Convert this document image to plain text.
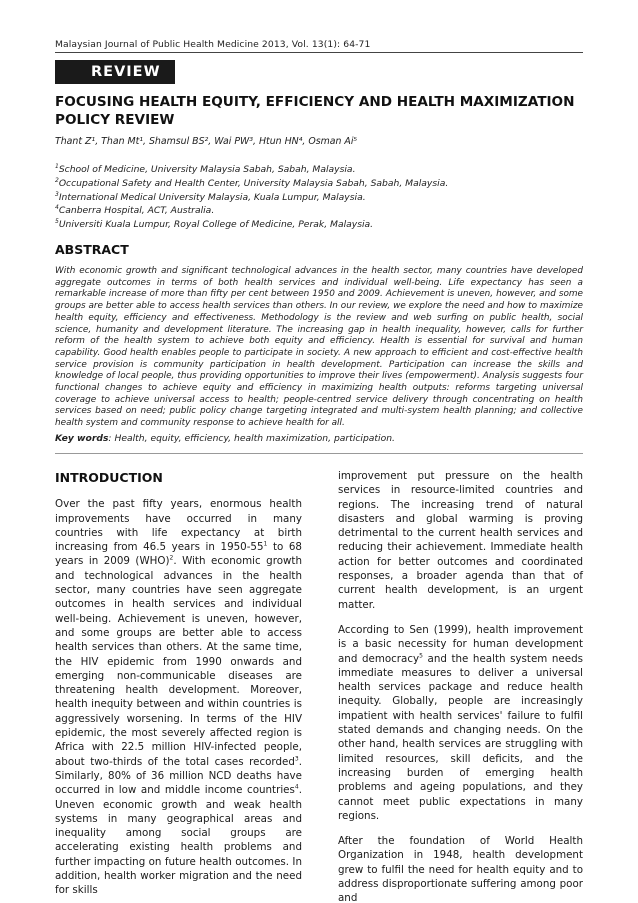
Malaysian Journal of Public Health Medicine 2013, Vol. 13(1): 64-71
REVIEW
FOCUSING HEALTH EQUITY, EFFICIENCY AND HEALTH MAXIMIZATION POLICY REVIEW
Thant Z¹, Than Mt¹, Shamsul BS², Wai PW³, Htun HN⁴, Osman Ai⁵
$^1$School of Medicine, University Malaysia Sabah, Sabah, Malaysia.
$^2$Occupational Safety and Health Center, University Malaysia Sabah, Sabah, Malaysia.
$^3$International Medical University Malaysia, Kuala Lumpur, Malaysia.
$^4$Canberra Hospital, ACT, Australia.
$^5$Universiti Kuala Lumpur, Royal College of Medicine, Perak, Malaysia.
ABSTRACT
With economic growth and significant technological advances in the health sector, many countries have developed aggregate outcomes in terms of both health services and individual well-being. Life expectancy has seen a remarkable increase of more than fifty per cent between 1950 and 2009. Achievement is uneven, however, and some groups are better able to access health services than others. In our review, we explore the need and how to maximize health equity, efficiency and effectiveness. Methodology is the review and web surfing on public health, social science, humanity and development literature. The increasing gap in health inequality, however, calls for further reform of the health system to achieve both equity and efficiency. Health is essential for survival and human capability. Good health enables people to participate in society. A new approach to efficient and cost-effective health service provision is community participation in health development. Participation can increase the skills and knowledge of local people, thus providing opportunities to improve their lives (empowerment). Analysis suggests four functional changes to achieve equity and efficiency in maximizing health outputs: reforms targeting universal coverage to achieve universal access to health; people-centred service delivery through concentrating on health services based on need; public policy change targeting integrated and multi-system health planning; and collective health system and community response to achieve health for all.
Key words: Health, equity, efficiency, health maximization, participation.
INTRODUCTION

Over the past fifty years, enormous health improvements have occurred in many countries with life expectancy at birth increasing from 46.5 years in $1950-55^1$ to 68 years in 2009 (WHO)$^2$. With economic growth and technological advances in the health sector, many countries have seen aggregate outcomes in health services and individual well-being. Achievement is uneven, however, and some groups are better able to access health services than others. At the same time, the HIV epidemic from 1990 onwards and emerging non-communicable diseases are threatening health development. Moreover, health inequity between and within countries is aggressively worsening. In terms of the HIV epidemic, the most severely affected region is Africa with 22.5 million HIV-infected people, about two-thirds of the total cases recorded$^3$. Similarly, 80% of 36 million NCD deaths have occurred in low and middle income countries$^4$. Uneven economic growth and weak health systems in many geographical areas and inequality among social groups are accelerating existing health problems and further impacting on future health outcomes. In addition, health worker migration and the need for skills

improvement put pressure on the health services in resource-limited countries and regions. The increasing trend of natural disasters and global warming is proving detrimental to the current health services and reducing their achievement. Immediate health action for better outcomes and coordinated responses, a broader agenda than that of current health development, is an urgent matter.

According to Sen (1999), health improvement is a basic necessity for human development and democracy$^5$ and the health system needs immediate measures to deliver a universal health services package and reduce health inequity. Globally, people are increasingly impatient with health services' failure to fulfil stated demands and changing needs. On the other hand, health services are struggling with limited resources, skill deficits, and the increasing burden of emerging health problems and ageing populations, and they cannot meet public expectations in many regions.

After the foundation of World Health Organization in 1948, health development grew to fulfil the need for health equity and to address disproportionate suffering among poor and
